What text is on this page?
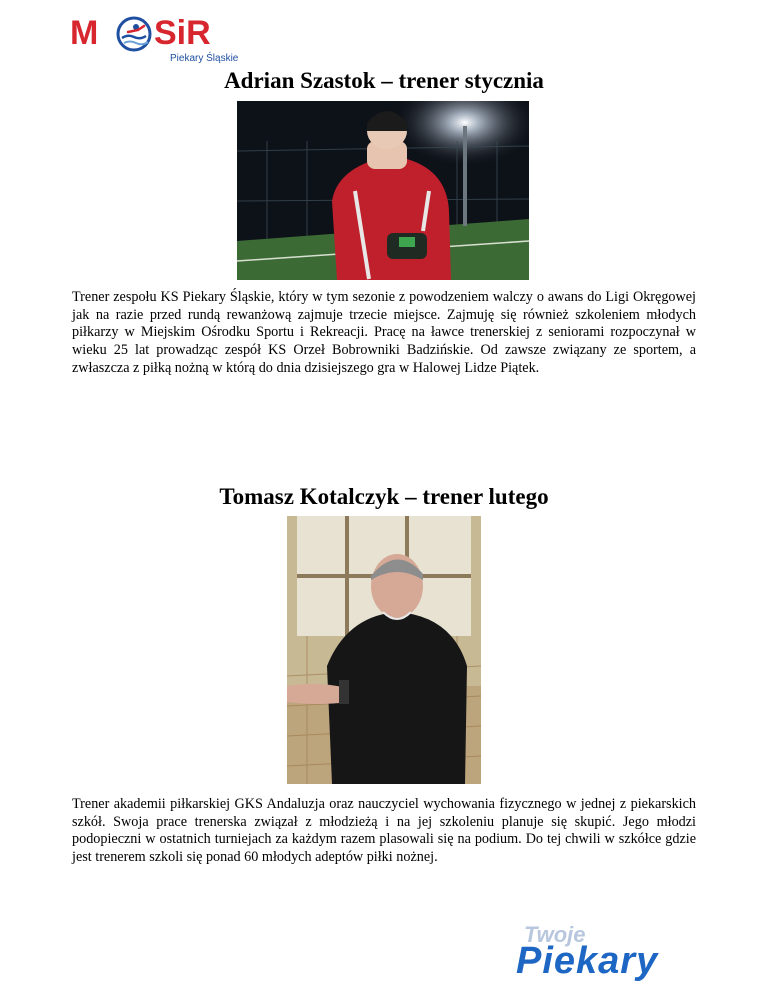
M SiR
Piekary Śląskie
Adrian Szastok – trener stycznia
Trener zespołu KS Piekary Śląskie, który w tym sezonie z powodzeniem walczy o awans do Ligi Okręgowej jak na razie przed rundą rewanżową zajmuje trzecie miejsce. Zajmuję się również szkoleniem młodych piłkarzy w Miejskim Ośrodku Sportu i Rekreacji. Pracę na ławce trenerskiej z seniorami rozpoczynał w wieku 25 lat prowadząc zespół KS Orzeł Bobrowniki Badzińskie. Od zawsze związany ze sportem, a zwłaszcza z piłką nożną w którą do dnia dzisiejszego gra w Halowej Lidze Piątek.
Tomasz Kotalczyk – trener lutego
Trener akademii piłkarskiej GKS Andaluzja oraz nauczyciel wychowania fizycznego w jednej z piekarskich szkół. Swoja prace trenerska związał z młodzieżą i na jej szkoleniu planuje się skupić. Jego młodzi podopieczni w ostatnich turniejach za każdym razem plasowali się na podium. Do tej chwili w szkółce gdzie jest trenerem szkoli się ponad 60 młodych adeptów piłki nożnej.
Twoje
Piekary
